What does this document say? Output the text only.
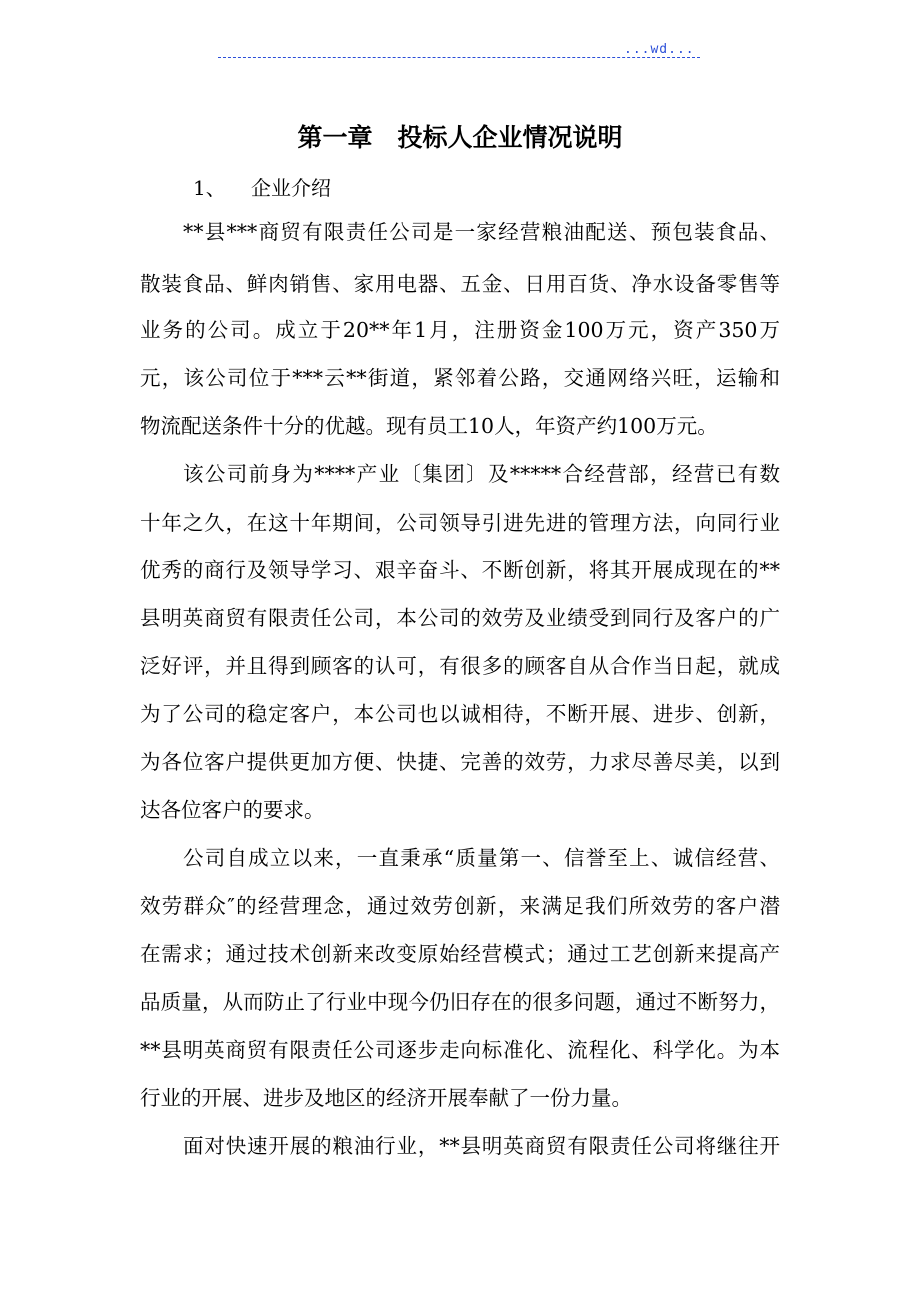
...wd...
第一章　投标人企业情况说明
1、 企业介绍
**县***商贸有限责任公司是一家经营粮油配送、预包装食品、
散装食品、鲜肉销售、家用电器、五金、日用百货、净水设备零售等
业务的公司。成立于20**年1月，注册资金100万元，资产350万
元，该公司位于***云**街道，紧邻着公路，交通网络兴旺，运输和
物流配送条件十分的优越。现有员工10人，年资产约100万元。
该公司前身为****产业〔集团〕及*****合经营部，经营已有数
十年之久，在这十年期间，公司领导引进先进的管理方法，向同行业
优秀的商行及领导学习、艰辛奋斗、不断创新，将其开展成现在的**
县明英商贸有限责任公司，本公司的效劳及业绩受到同行及客户的广
泛好评，并且得到顾客的认可，有很多的顾客自从合作当日起，就成
为了公司的稳定客户，本公司也以诚相待，不断开展、进步、创新，
为各位客户提供更加方便、快捷、完善的效劳，力求尽善尽美，以到
达各位客户的要求。
公司自成立以来，一直秉承“质量第一、信誉至上、诚信经营、
效劳群众″的经营理念，通过效劳创新，来满足我们所效劳的客户潜
在需求；通过技术创新来改变原始经营模式；通过工艺创新来提高产
品质量，从而防止了行业中现今仍旧存在的很多问题，通过不断努力，
**县明英商贸有限责任公司逐步走向标准化、流程化、科学化。为本
行业的开展、进步及地区的经济开展奉献了一份力量。
面对快速开展的粮油行业，**县明英商贸有限责任公司将继往开
